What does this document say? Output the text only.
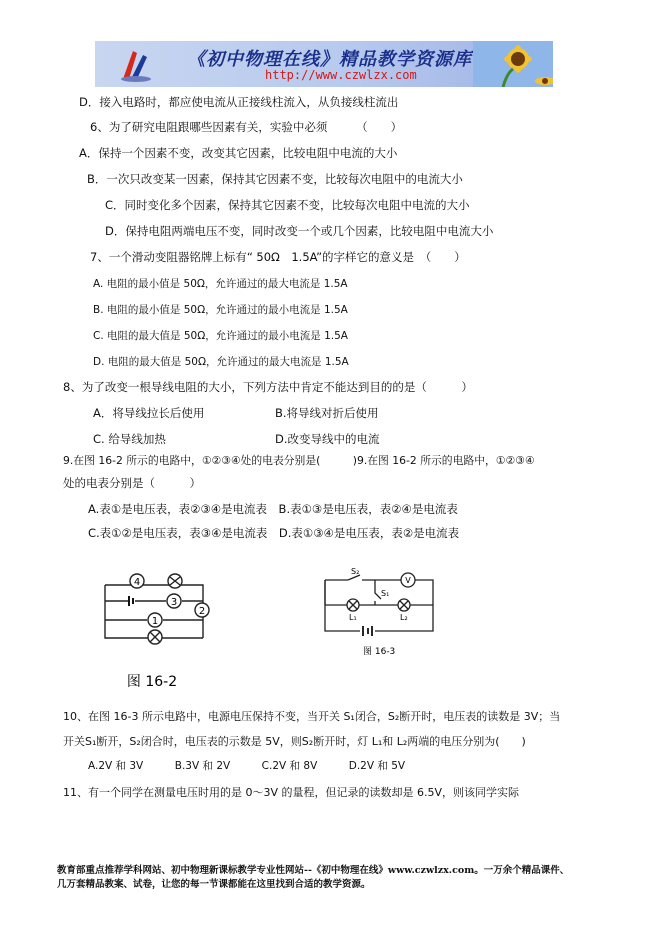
《初中物理在线》精品教学资源库
http://www.czwlzx.com
D．接入电路时，都应使电流从正接线柱流入，从负接线柱流出
6、为了研究电阻跟哪些因素有关，实验中必须　　　（　　）
A．保持一个因素不变，改变其它因素，比较电阻中电流的大小
B．一次只改变某一因素，保持其它因素不变，比较每次电阻中的电流大小
C．同时变化多个因素，保持其它因素不变，比较每次电阻中电流的大小
D．保持电阻两端电压不变，同时改变一个或几个因素，比较电阻中电流大小
7、一个滑动变阻器铭牌上标有“ 50Ω　1.5A”的字样它的意义是　（　　）
A. 电阻的最小值是 50Ω，允许通过的最大电流是 1.5A
B. 电阻的最小值是 50Ω，允许通过的最小电流是 1.5A
C. 电阻的最大值是 50Ω，允许通过的最小电流是 1.5A
D. 电阻的最大值是 50Ω，允许通过的最大电流是 1.5A
8、为了改变一根导线电阻的大小，下列方法中肯定不能达到目的的是（　　　）
A．将导线拉长后使用	B.将导线对折后使用
C. 给导线加热	D.改变导线中的电流
9.在图 16-2 所示的电路中，①②③④处的电表分别是(　　　)9.在图 16-2 所示的电路中，①②③④
处的电表分别是（　　　）
A.表①是电压表，表②③④是电流表　B.表①③是电压表，表②④是电流表
C.表①②是电压表，表③④是电流表　D.表①③④是电压表，表②是电流表
4
3
2
1
图 16-2
S₂
S₁
V
L₁	L₂
图 16-3
10、在图 16-3 所示电路中，电源电压保持不变，当开关 S₁闭合，S₂断开时，电压表的读数是 3V；当
开关S₁断开，S₂闭合时，电压表的示数是 5V，则S₂断开时，灯 L₁和 L₂两端的电压分别为(　　)
A.2V 和 3V　　　B.3V 和 2V　　　C.2V 和 8V　　　D.2V 和 5V
11、有一个同学在测量电压时用的是 0～3V 的量程，但记录的读数却是 6.5V，则该同学实际
教育部重点推荐学科网站、初中物理新课标教学专业性网站--《初中物理在线》www.czwlzx.com。一万余个精品课件、
几万套精品教案、试卷，让您的每一节课都能在这里找到合适的教学资源。
